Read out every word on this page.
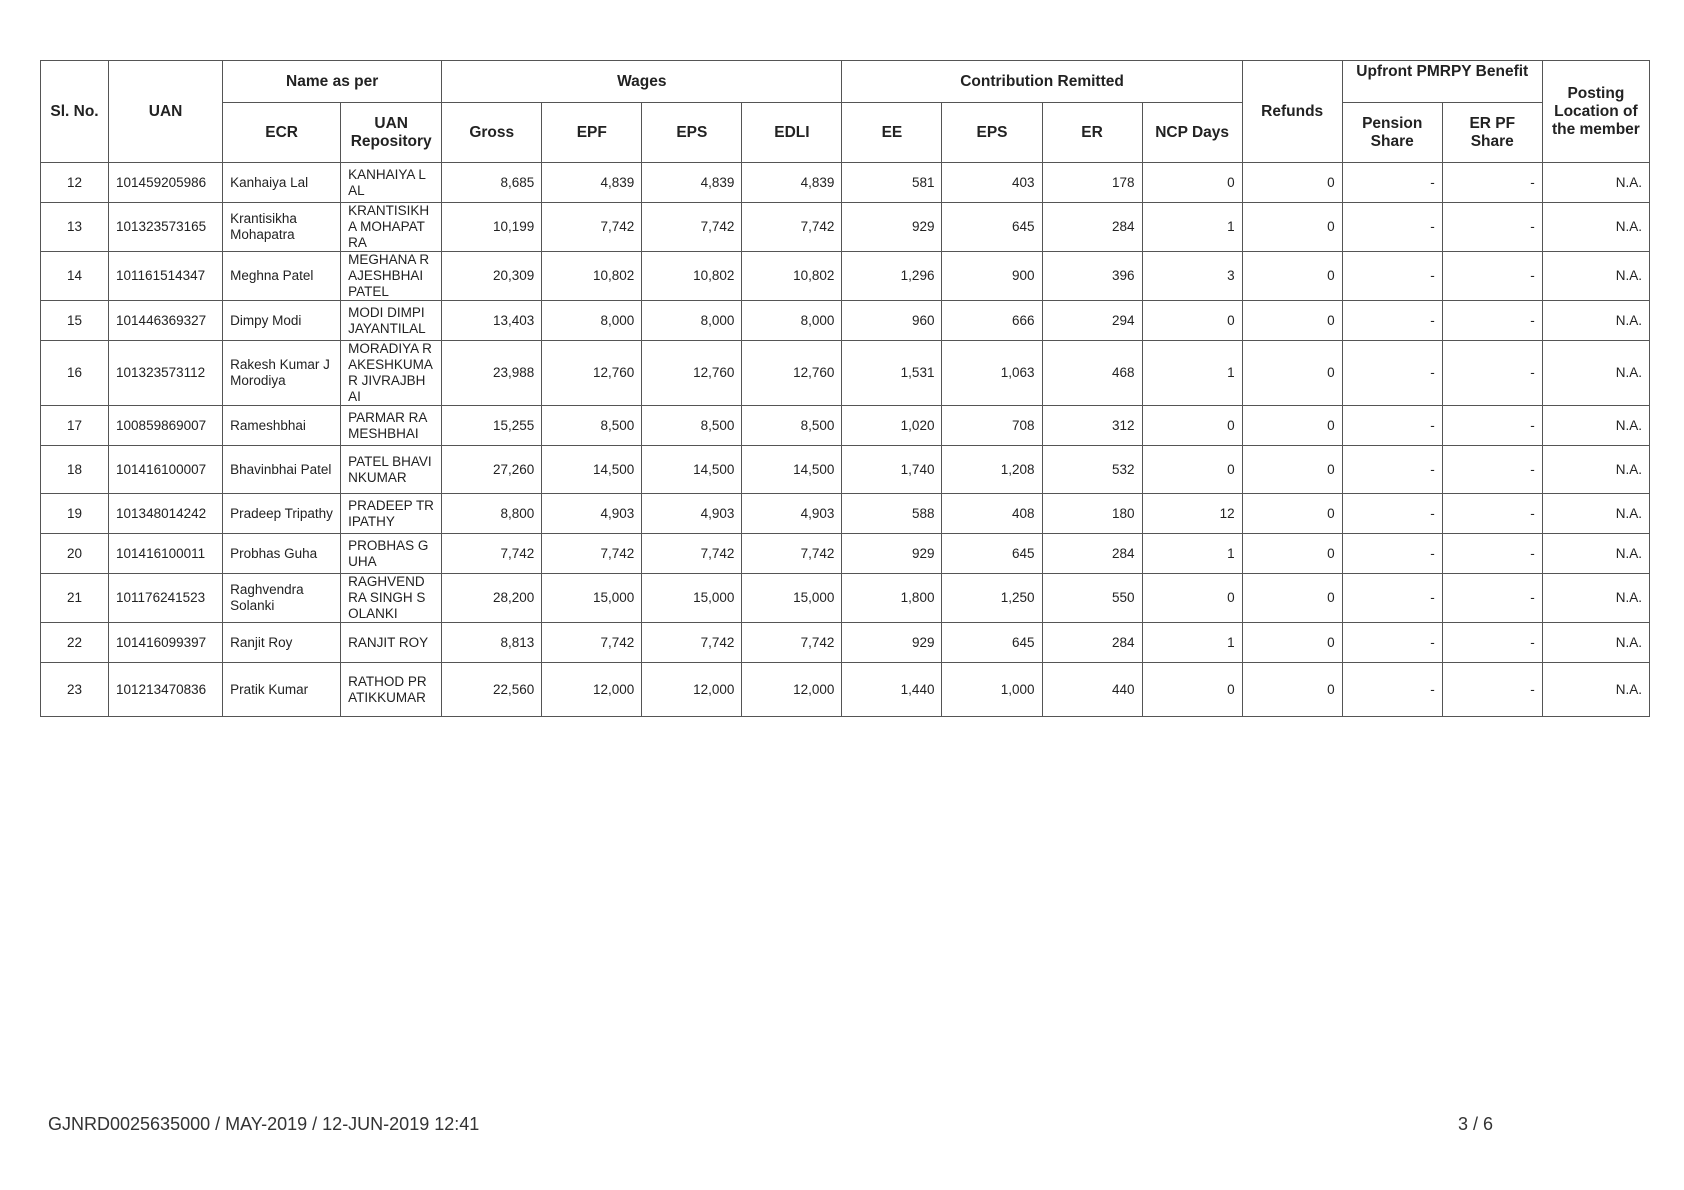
Sl. No.	UAN	Name as per		Wages				Contribution Remitted				Refunds	Upfront PMRPY Benefit		Posting Location of the member
		ECR	UAN Repository	Gross	EPF	EPS	EDLI	EE	EPS	ER	NCP Days		Pension Share	ER PF Share	
12	101459205986	Kanhaiya Lal	KANHAIYA LAL	8,685	4,839	4,839	4,839	581	403	178	0	0	-	-	N.A.
13	101323573165	Krantisikha Mohapatra	KRANTISIKHA MOHAPATRA	10,199	7,742	7,742	7,742	929	645	284	1	0	-	-	N.A.
14	101161514347	Meghna Patel	MEGHANA RAJESHBHAI PATEL	20,309	10,802	10,802	10,802	1,296	900	396	3	0	-	-	N.A.
15	101446369327	Dimpy Modi	MODI DIMPI JAYANTILAL	13,403	8,000	8,000	8,000	960	666	294	0	0	-	-	N.A.
16	101323573112	Rakesh Kumar J Morodiya	MORADIYA RAKESHKUMAR JIVRAJBHAI	23,988	12,760	12,760	12,760	1,531	1,063	468	1	0	-	-	N.A.
17	100859869007	Rameshbhai	PARMAR RAMESHBHAI	15,255	8,500	8,500	8,500	1,020	708	312	0	0	-	-	N.A.
18	101416100007	Bhavinbhai Patel	PATEL BHAVINKUMAR	27,260	14,500	14,500	14,500	1,740	1,208	532	0	0	-	-	N.A.
19	101348014242	Pradeep Tripathy	PRADEEP TRIPATHY	8,800	4,903	4,903	4,903	588	408	180	12	0	-	-	N.A.
20	101416100011	Probhas Guha	PROBHAS GUHA	7,742	7,742	7,742	7,742	929	645	284	1	0	-	-	N.A.
21	101176241523	Raghvendra Solanki	RAGHVENDRA SINGH SOLANKI	28,200	15,000	15,000	15,000	1,800	1,250	550	0	0	-	-	N.A.
22	101416099397	Ranjit Roy	RANJIT ROY	8,813	7,742	7,742	7,742	929	645	284	1	0	-	-	N.A.
23	101213470836	Pratik Kumar	RATHOD PRATIKKUMAR	22,560	12,000	12,000	12,000	1,440	1,000	440	0	0	-	-	N.A.
GJNRD0025635000 / MAY-2019 / 12-JUN-2019 12:41	3 / 6
